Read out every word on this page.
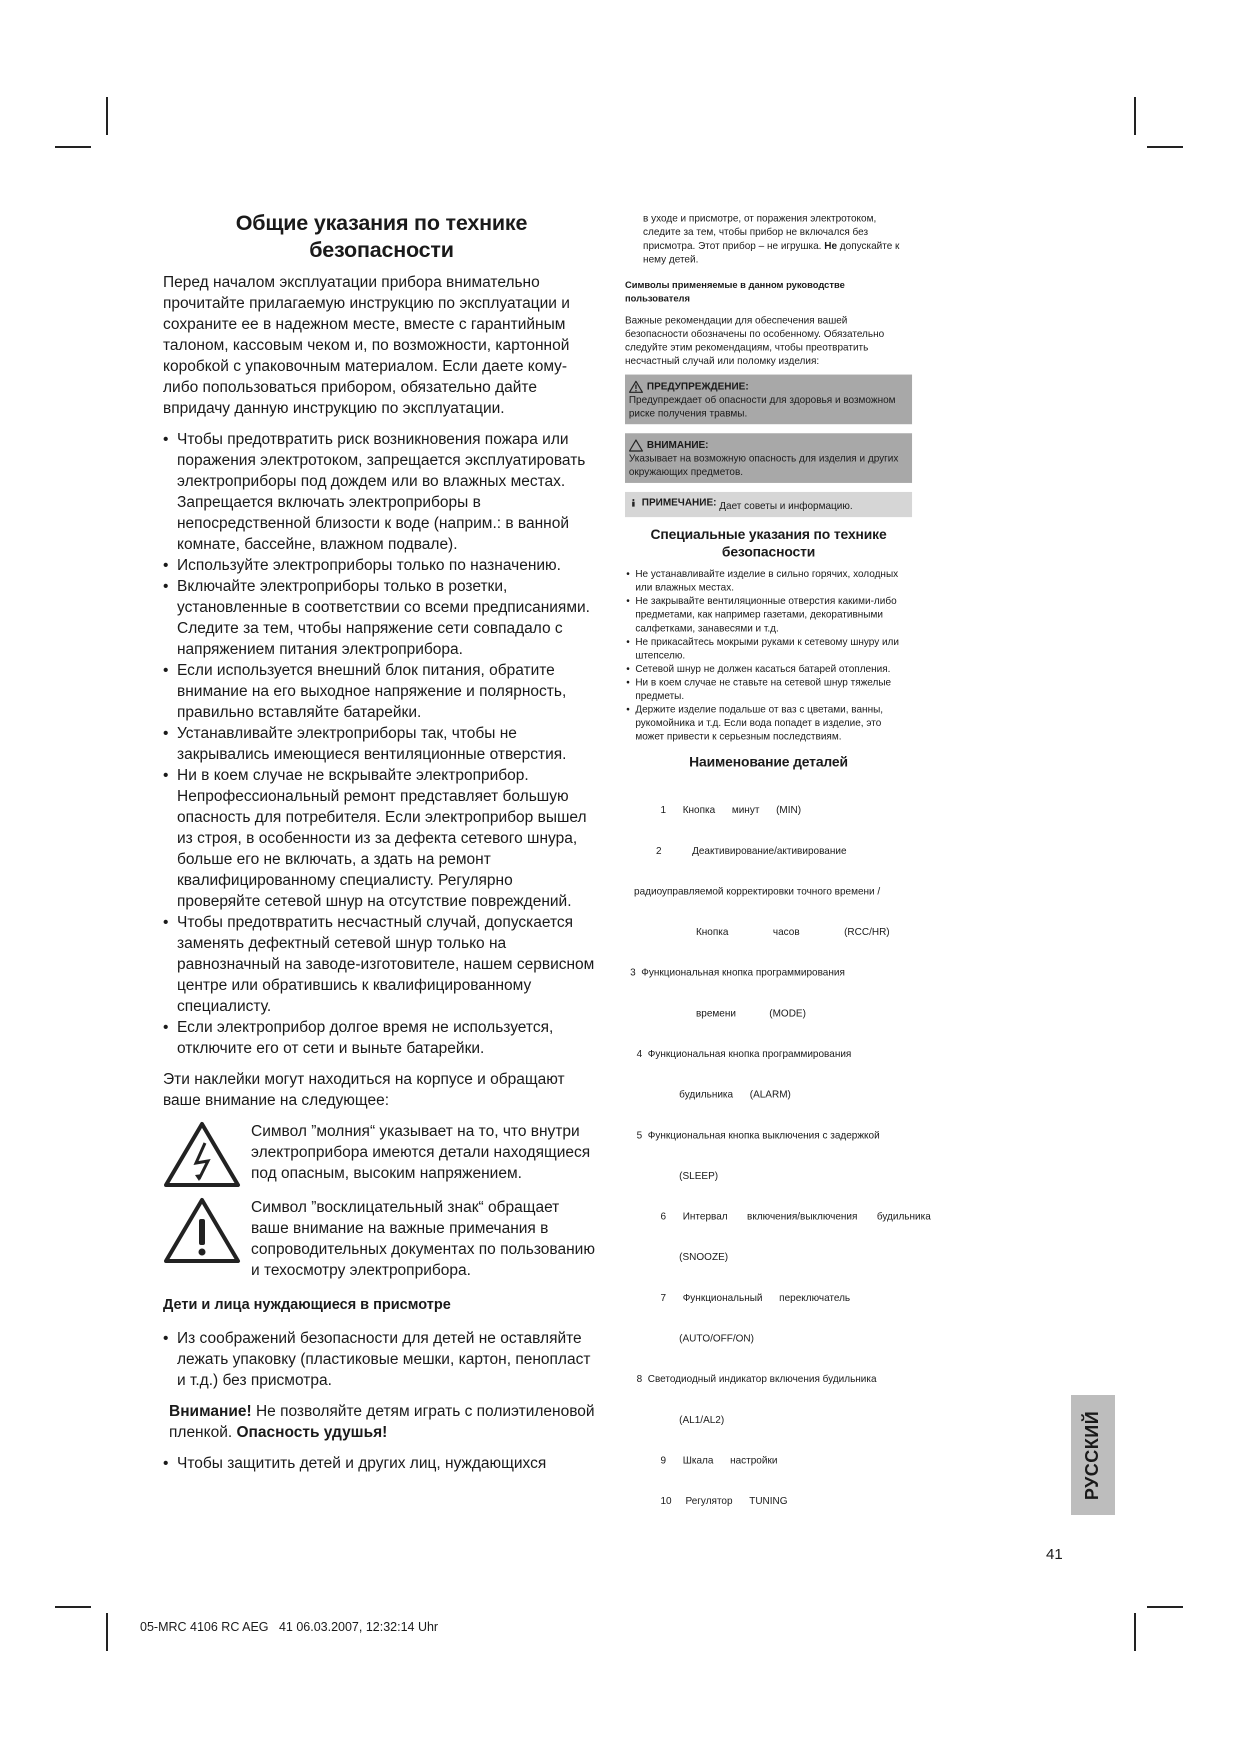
Общие указания по технике безопасности

Перед началом эксплуатации прибора внимательно прочитайте прилагаемую инструкцию по эксплуатации и сохраните ее в надежном месте, вместе с гарантийным талоном, кассовым чеком и, по возможности, картонной коробкой с упаковочным материалом. Если даете кому-либо попользоваться прибором, обязательно дайте впридачу данную инструкцию по эксплуатации.

• Чтобы предотвратить риск возникновения пожара или поражения электротоком, запрещается эксплуатировать электроприборы под дождем или во влажных местах. Запрещается включать электроприборы в непосредственной близости к воде (наприм.: в ванной комнате, бассейне, влажном подвале).
• Используйте электроприборы только по назначению.
• Включайте электроприборы только в розетки, установленные в соответствии со всеми предписаниями. Следите за тем, чтобы напряжение сети совпадало с напряжением питания электроприбора.
• Если используется внешний блок питания, обратите внимание на его выходное напряжение и полярность, правильно вставляйте батарейки.
• Устанавливайте электроприборы так, чтобы не закрывались имеющиеся вентиляционные отверстия.
• Ни в коем случае не вскрывайте электроприбор. Непрофессиональный ремонт представляет большую опасность для потребителя. Если электроприбор вышел из строя, в особенности из за дефекта сетевого шнура, больше его не включать, а здать на ремонт квалифицированному специалисту. Регулярно проверяйте сетевой шнур на отсутствие повреждений.
• Чтобы предотвратить несчастный случай, допускается заменять дефектный сетевой шнур только на равнозначный на заводе-изготовителе, нашем сервисном центре или обратившись к квалифицированному специалисту.
• Если электроприбор долгое время не используется, отключите его от сети и выньте батарейки.

Эти наклейки могут находиться на корпусе и обращают ваше внимание на следующее:

Символ ”молния“ указывает на то, что внутри электроприбора имеются детали находящиеся под опасным, высоким напряжением.

Символ ”восклицательный знак“ обращает ваше внимание на важные примечания в сопроводительных документах по пользованию и техосмотру электроприбора.

Дети и лица нуждающиеся в присмотре
• Из соображений безопасности для детей не оставляйте лежать упаковку (пластиковые мешки, картон, пенопласт и т.д.) без присмотра.

Внимание! Не позволяйте детям играть с полиэтиленовой пленкой. Опасность удушья!

• Чтобы защитить детей и других лиц, нуждающихся

в уходе и присмотре, от поражения электротоком, следите за тем, чтобы прибор не включался без присмотра. Этот прибор – не игрушка. Не допускайте к нему детей.

Символы применяемые в данном руководстве пользователя

Важные рекомендации для обеспечения вашей безопасности обозначены по особенному. Обязательно следуйте этим рекомендациям, чтобы преотвратить несчастный случай или поломку изделия:

ПРЕДУПРЕЖДЕНИЕ:
Предупреждает об опасности для здоровья и возможном риске получения травмы.
ВНИМАНИЕ:
Указывает на возможную опасность для изделия и других окружающих предметов.
ПРИМЕЧАНИЕ: Дает советы и информацию.
Специальные указания по технике безопасности
• Не устанавливайте изделие в сильно горячих, холодных или влажных местах.
• Не закрывайте вентиляционные отверстия какими-либо предметами, как например газетами, декоративными салфетками, занавесями и т.д.
• Не прикасайтесь мокрыми руками к сетевому шнуру или штепселю.
• Сетевой шнур не должен касаться батарей отопления.
• Ни в коем случае не ставьте на сетевой шнур тяжелые предметы.
• Держите изделие подальше от ваз с цветами, ванны, рукомойника и т.д. Если вода попадет в изделие, это может привести к серьезным последствиям.
Наименование деталей

1      Кнопка      минут      (MIN)

2           Деактивирование/активирование

радиоуправляемой корректировки точного времени /

Кнопка                часов                (RCC/HR)

3  Функциональная кнопка программирования

времени            (MODE)

4  Функциональная кнопка программирования

будильника      (ALARM)

5  Функциональная кнопка выключения с задержкой

(SLEEP)

6      Интервал       включения/выключения       будильника

(SNOOZE)

7      Функциональный      переключатель

(AUTO/OFF/ON)

8  Светодиодный индикатор включения будильника

(AL1/AL2)

9      Шкала      настройки

10     Регулятор      TUNING

РУССКИЙ
41
05-MRC 4106 RC AEG   41 06.03.2007, 12:32:14 Uhr
